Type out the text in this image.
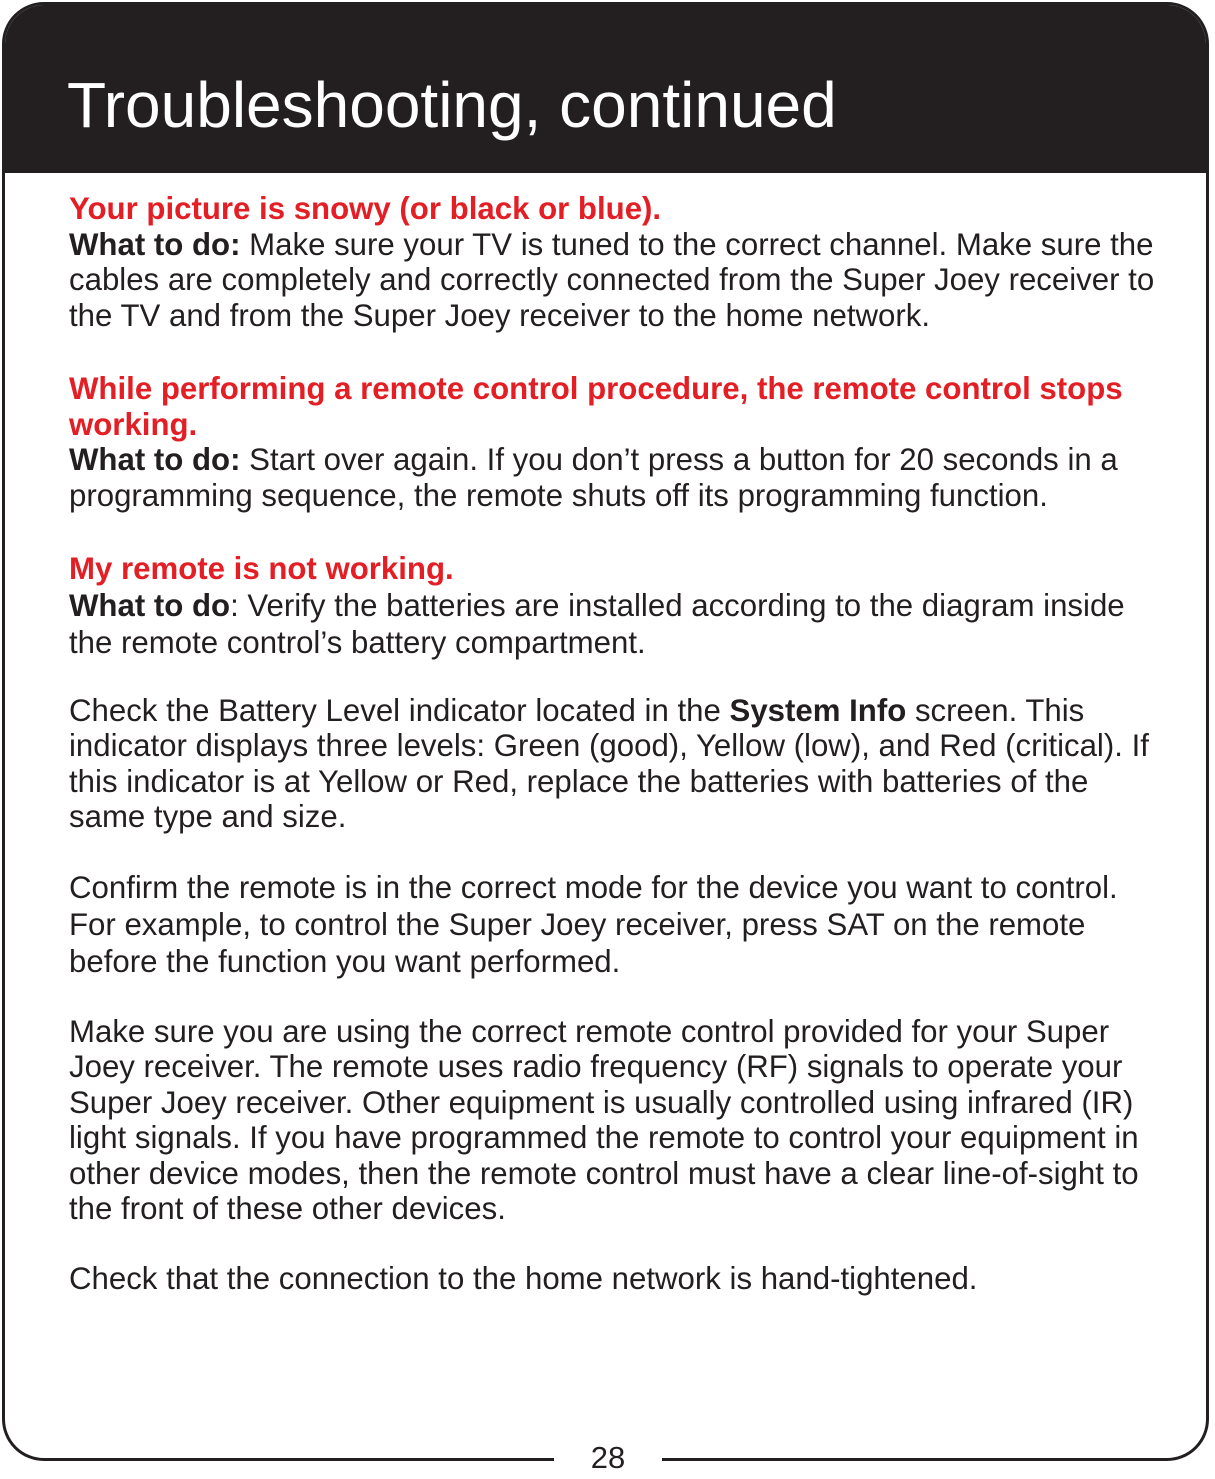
Troubleshooting, continued
Your picture is snowy (or black or blue).

What to do: Make sure your TV is tuned to the correct channel. Make sure the cables are completely and correctly connected from the Super Joey receiver to the TV and from the Super Joey receiver to the home network.

While performing a remote control procedure, the remote control stops working.

What to do: Start over again. If you don’t press a button for 20 seconds in a programming sequence, the remote shuts off its programming function.

My remote is not working.

What to do: Verify the batteries are installed according to the diagram inside the remote control’s battery compartment.

Check the Battery Level indicator located in the System Info screen. This indicator displays three levels: Green (good), Yellow (low), and Red (critical). If this indicator is at Yellow or Red, replace the batteries with batteries of the same type and size.

Confirm the remote is in the correct mode for the device you want to control. For example, to control the Super Joey receiver, press SAT on the remote before the function you want performed.

Make sure you are using the correct remote control provided for your Super Joey receiver. The remote uses radio frequency (RF) signals to operate your Super Joey receiver. Other equipment is usually controlled using infrared (IR) light signals. If you have programmed the remote to control your equipment in other device modes, then the remote control must have a clear line-of-sight to the front of these other devices.

Check that the connection to the home network is hand-tightened.

28
